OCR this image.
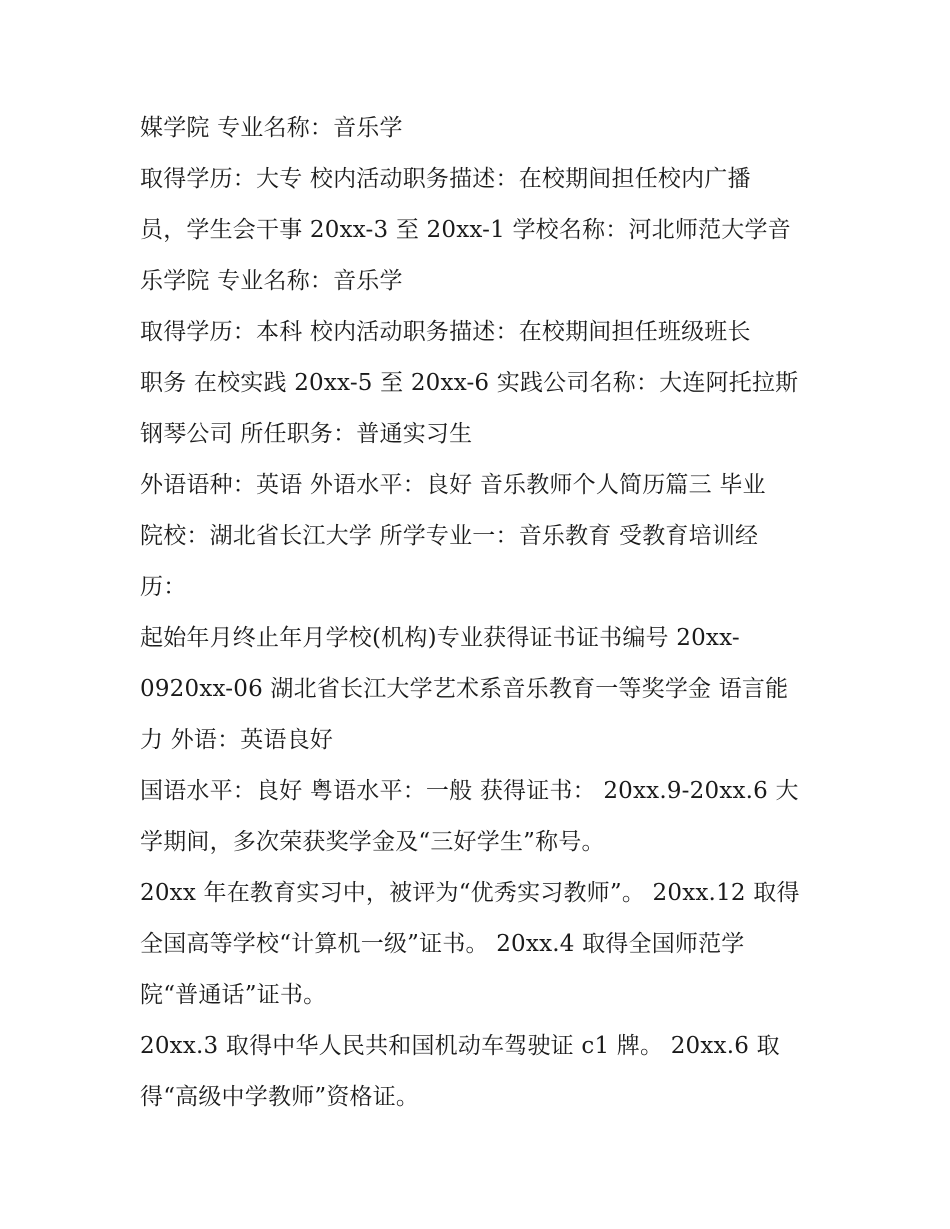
媒学院 专业名称：音乐学
取得学历：大专 校内活动职务描述：在校期间担任校内广播
员，学生会干事 20xx-3 至 20xx-1 学校名称：河北师范大学音
乐学院 专业名称：音乐学
取得学历：本科 校内活动职务描述：在校期间担任班级班长
职务 在校实践 20xx-5 至 20xx-6 实践公司名称：大连阿托拉斯
钢琴公司 所任职务：普通实习生
外语语种：英语 外语水平：良好 音乐教师个人简历篇三 毕业
院校：湖北省长江大学 所学专业一：音乐教育 受教育培训经
历：
起始年月终止年月学校(机构)专业获得证书证书编号 20xx-
0920xx-06 湖北省长江大学艺术系音乐教育一等奖学金 语言能
力 外语：英语良好
国语水平：良好 粤语水平：一般 获得证书： 20xx.9-20xx.6 大
学期间，多次荣获奖学金及“三好学生”称号。
20xx 年在教育实习中，被评为“优秀实习教师”。 20xx.12 取得
全国高等学校“计算机一级”证书。 20xx.4 取得全国师范学
院“普通话”证书。
20xx.3 取得中华人民共和国机动车驾驶证 c1 牌。 20xx.6 取
得“高级中学教师”资格证。
